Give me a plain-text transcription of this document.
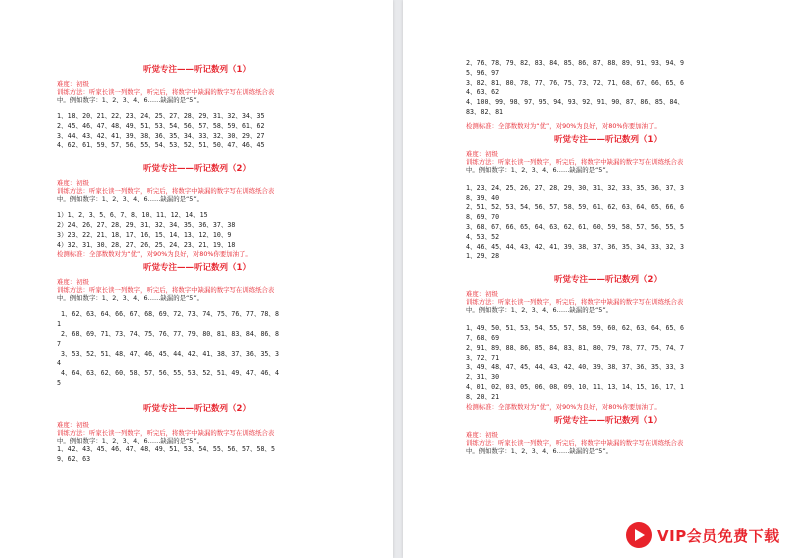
听觉专注——听记数列（1）
难度：初级
训练方法：听家长读一列数字，听完后，将数字中缺漏的数字写在训练纸合表
中。例如数字：1、2、3、4、6……缺漏的是“5”。
1、18、20、21、22、23、24、25、27、28、29、31、32、34、35
2、45、46、47、48、49、51、53、54、56、57、58、59、61、62
3、44、43、42、41、39、38、36、35、34、33、32、30、29、27
4、62、61、59、57、56、55、54、53、52、51、50、47、46、45
听觉专注——听记数列（2）
难度：初级
训练方法：听家长读一列数字，听完后，将数字中缺漏的数字写在训练纸合表
中。例如数字：1、2、3、4、6……缺漏的是“5”。
1）1、2、3、5、6、7、8、10、11、12、14、15
2）24、26、27、28、29、31、32、34、35、36、37、38
3）23、22、21、18、17、16、15、14、13、12、10、9
4）32、31、30、28、27、26、25、24、23、21、19、18
检测标准：全部数数对为“优”，对90%为良好，对80%你要加油了。
听觉专注——听记数列（1）
难度：初级
训练方法：听家长读一列数字，听完后，将数字中缺漏的数字写在训练纸合表
中。例如数字：1、2、3、4、6……缺漏的是“5”。
1、62、63、64、66、67、68、69、72、73、74、75、76、77、78、8
1
2、68、69、71、73、74、75、76、77、79、80、81、83、84、86、8
7
3、53、52、51、48、47、46、45、44、42、41、38、37、36、35、3
4
4、64、63、62、60、58、57、56、55、53、52、51、49、47、46、4
5
听觉专注——听记数列（2）
难度：初级
训练方法：听家长读一列数字，听完后，将数字中缺漏的数字写在训练纸合表
中。例如数字：1、2、3、4、6……缺漏的是“5”。
1、42、43、45、46、47、48、49、51、53、54、55、56、57、58、5
9、62、63
2、76、78、79、82、83、84、85、86、87、88、89、91、93、94、9
5、96、97
3、82、81、80、78、77、76、75、73、72、71、68、67、66、65、6
4、63、62
4、100、99、98、97、95、94、93、92、91、90、87、86、85、84、
83、82、81
检测标准：全部数数对为“优”，对90%为良好，对80%你要加油了。
听觉专注——听记数列（1）
难度：初级
训练方法：听家长读一列数字，听完后，将数字中缺漏的数字写在训练纸合表
中。例如数字：1、2、3、4、6……缺漏的是“5”。
1、23、24、25、26、27、28、29、30、31、32、33、35、36、37、3
8、39、40
2、51、52、53、54、56、57、58、59、61、62、63、64、65、66、6
8、69、70
3、68、67、66、65、64、63、62、61、60、59、58、57、56、55、5
4、53、52
4、46、45、44、43、42、41、39、38、37、36、35、34、33、32、3
1、29、28
听觉专注——听记数列（2）
难度：初级
训练方法：听家长读一列数字，听完后，将数字中缺漏的数字写在训练纸合表
中。例如数字：1、2、3、4、6……缺漏的是“5”。
1、49、50、51、53、54、55、57、58、59、60、62、63、64、65、6
7、68、69
2、91、89、88、86、85、84、83、81、80、79、78、77、75、74、7
3、72、71
3、49、48、47、45、44、43、42、40、39、38、37、36、35、33、3
2、31、30
4、01、02、03、05、06、08、09、10、11、13、14、15、16、17、1
8、20、21
检测标准：全部数数对为“优”，对90%为良好，对80%你要加油了。
听觉专注——听记数列（1）
难度：初级
训练方法：听家长读一列数字，听完后，将数字中缺漏的数字写在训练纸合表
中。例如数字：1、2、3、4、6……缺漏的是“5”。
VIP会员免费下载
